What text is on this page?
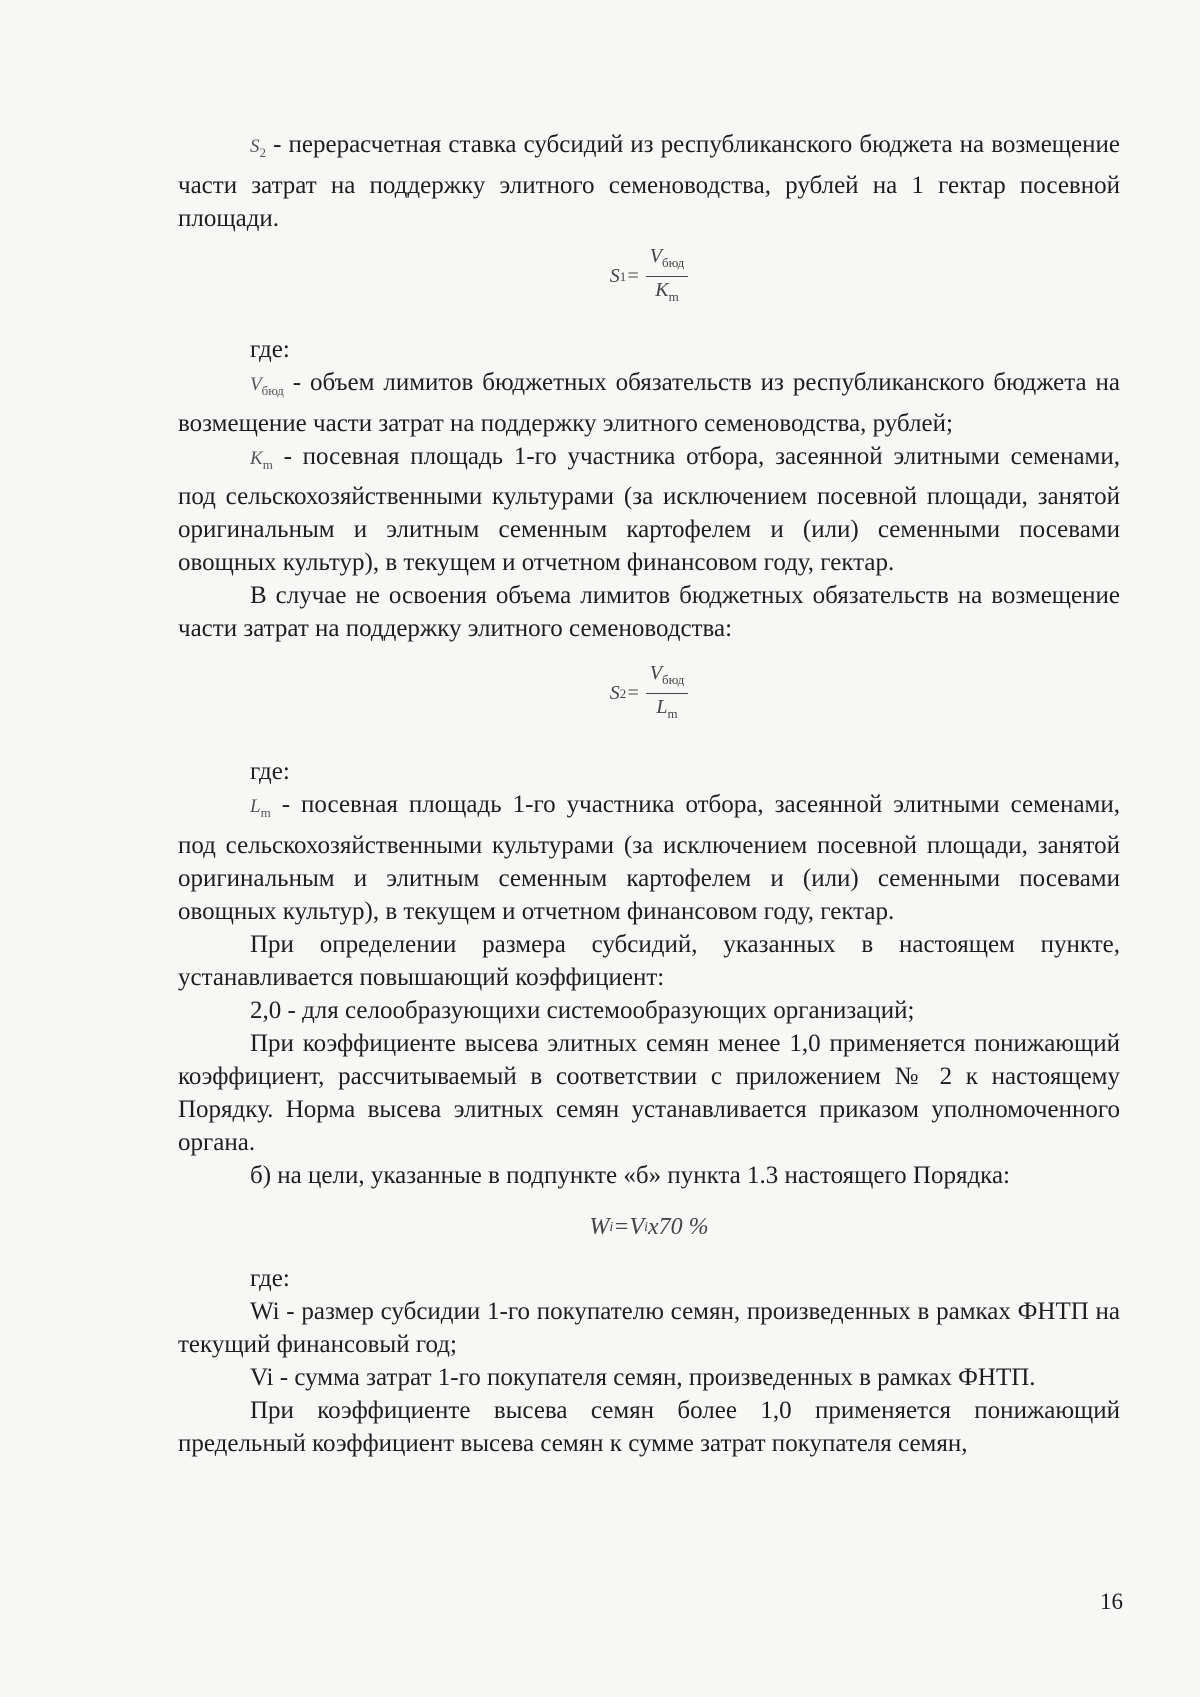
$S_2$ - перерасчетная ставка субсидий из республиканского бюджета на возмещение части затрат на поддержку элитного семеноводства, рублей на 1 гектар посевной площади.

S $1 = \frac{V_{бюд}}{K_m}$

где:

$V_{бюд}$ - объем лимитов бюджетных обязательств из республиканского бюджета на возмещение части затрат на поддержку элитного семеноводства, рублей;

$K_m$ - посевная площадь 1-го участника отбора, засеянной элитными семенами, под сельскохозяйственными культурами (за исключением посевной площади, занятой оригинальным и элитным семенным картофелем и (или) семенными посевами овощных культур), в текущем и отчетном финансовом году, гектар.

В случае не освоения объема лимитов бюджетных обязательств на возмещение части затрат на поддержку элитного семеноводства:

S $2 = \frac{V_{бюд}}{L_m}$

где:

$L_m$ - посевная площадь 1-го участника отбора, засеянной элитными семенами, под сельскохозяйственными культурами (за исключением посевной площади, занятой оригинальным и элитным семенным картофелем и (или) семенными посевами овощных культур), в текущем и отчетном финансовом году, гектар.

При определении размера субсидий, указанных в настоящем пункте, устанавливается повышающий коэффициент:

2,0 - для селообразующихи системообразующих организаций;

При коэффициенте высева элитных семян менее 1,0 применяется понижающий коэффициент, рассчитываемый в соответствии с приложением № 2 к настоящему Порядку. Норма высева элитных семян устанавливается приказом уполномоченного органа.

б) на цели, указанные в подпункте «б» пункта 1.3 настоящего Порядка:

W i = V i х70 %

где:

Wi - размер субсидии 1-го покупателю семян, произведенных в рамках ФНТП на текущий финансовый год;

Vi - сумма затрат 1-го покупателя семян, произведенных в рамках ФНТП.

При коэффициенте высева семян более 1,0 применяется понижающий предельный коэффициент высева семян к сумме затрат покупателя семян,

16
